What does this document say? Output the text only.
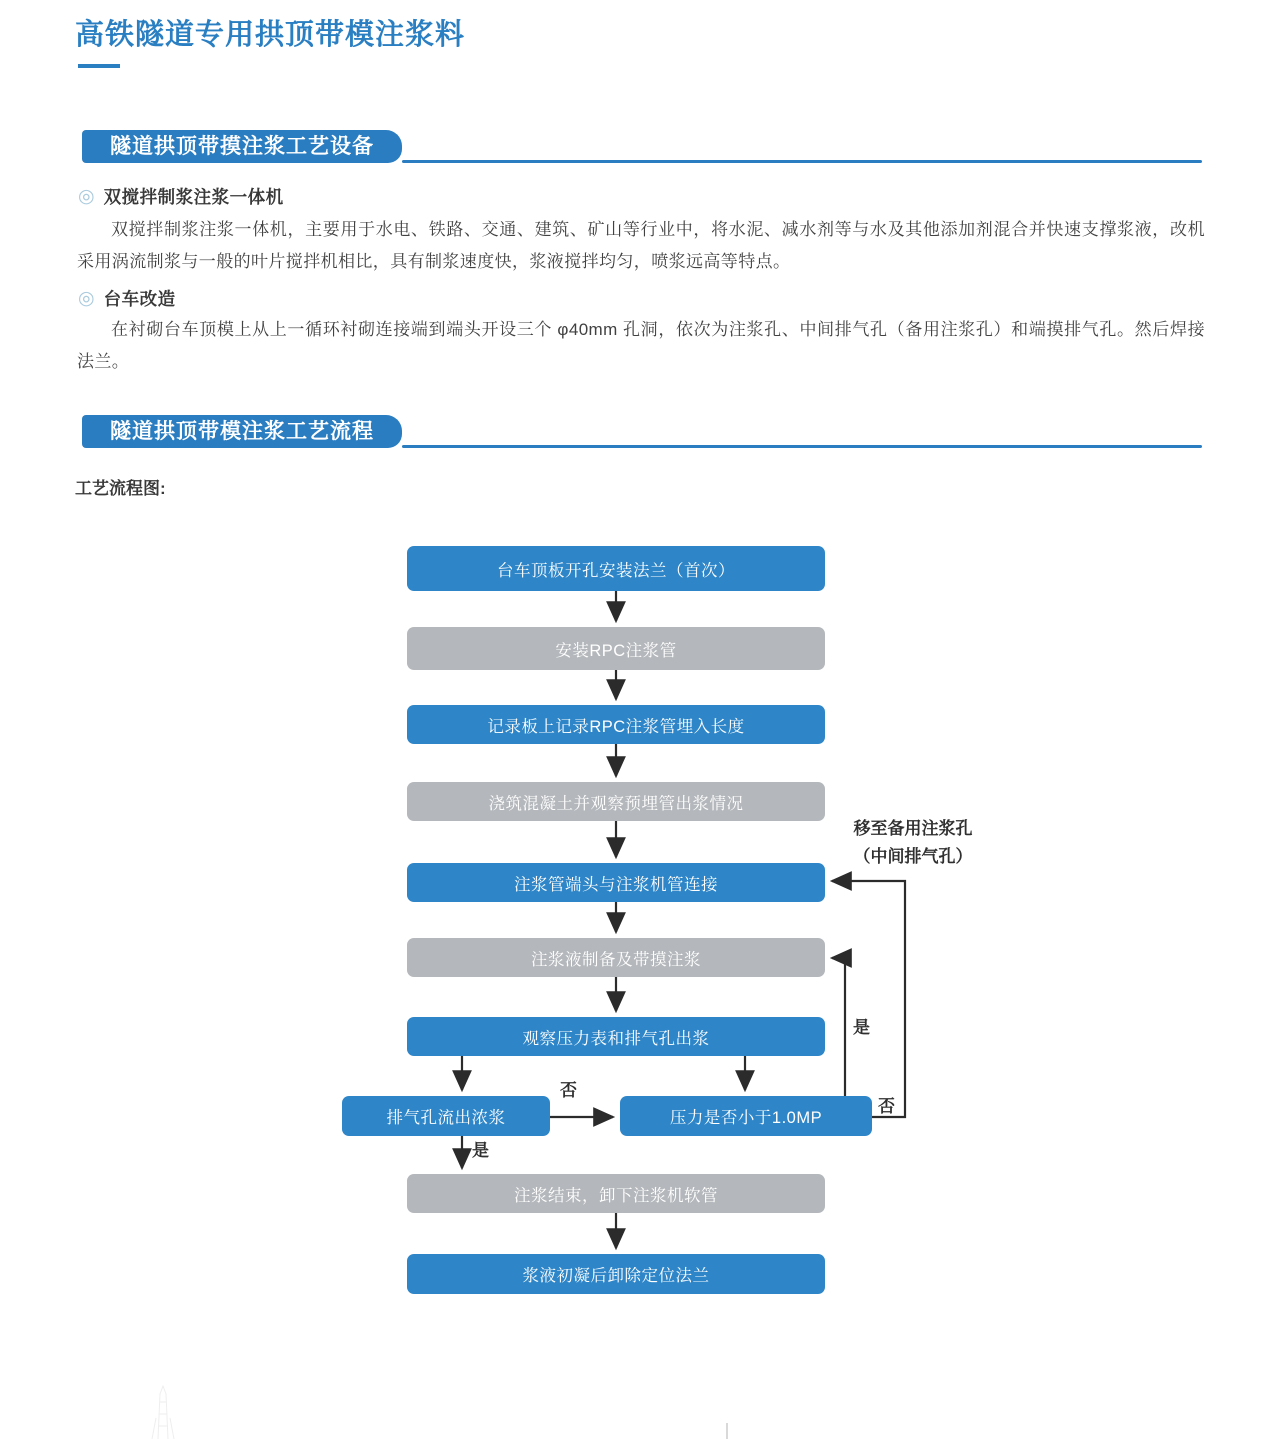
高铁隧道专用拱顶带模注浆料
隧道拱顶带摸注浆工艺设备
◎ 双搅拌制浆注浆一体机
双搅拌制浆注浆一体机，主要用于水电、铁路、交通、建筑、矿山等行业中，将水泥、减水剂等与水及其他添加剂混合并快速支撑浆液，改机采用涡流制浆与一般的叶片搅拌机相比，具有制浆速度快，浆液搅拌均匀，喷浆远高等特点。
◎ 台车改造
在衬砌台车顶模上从上一循环衬砌连接端到端头开设三个 φ40mm 孔洞，依次为注浆孔、中间排气孔（备用注浆孔）和端摸排气孔。然后焊接法兰。
隧道拱顶带模注浆工艺流程
工艺流程图:
台车顶板开孔安装法兰（首次）
安装RPC注浆管
记录板上记录RPC注浆管埋入长度
浇筑混凝土并观察预埋管出浆情况
注浆管端头与注浆机管连接
注浆液制备及带摸注浆
观察压力表和排气孔出浆
排气孔流出浓浆	压力是否小于1.0MP
注浆结束，卸下注浆机软管
浆液初凝后卸除定位法兰
否
是
是
否
移至备用注浆孔
（中间排气孔）
